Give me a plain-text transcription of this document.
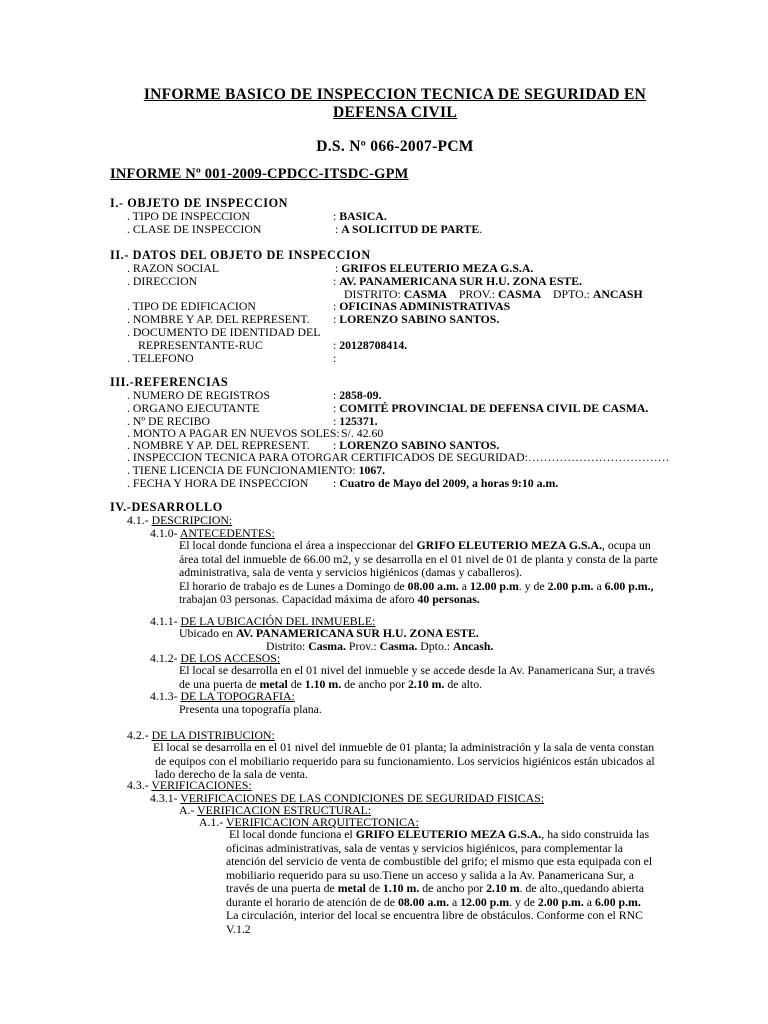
INFORME BASICO DE INSPECCION TECNICA DE SEGURIDAD EN
DEFENSA CIVIL
D.S. Nº 066-2007-PCM
INFORME Nº 001-2009-CPDCC-ITSDC-GPM
I.- OBJETO DE INSPECCION
. TIPO DE INSPECCION	: BASICA.
. CLASE DE INSPECCION	: A SOLICITUD DE PARTE.
II.- DATOS DEL OBJETO DE INSPECCION
. RAZON SOCIAL	: GRIFOS ELEUTERIO MEZA G.S.A.
. DIRECCION	: AV. PANAMERICANA SUR H.U. ZONA ESTE.
DISTRITO: CASMA PROV.: CASMA DPTO.: ANCASH
. TIPO DE EDIFICACION	: OFICINAS ADMINISTRATIVAS
. NOMBRE Y AP. DEL REPRESENT. : LORENZO SABINO SANTOS.
. DOCUMENTO DE IDENTIDAD DEL
REPRESENTANTE-RUC	: 20128708414.
. TELEFONO	:
III.-REFERENCIAS
. NUMERO DE REGISTROS	: 2858-09.
. ORGANO EJECUTANTE	: COMITÉ PROVINCIAL DE DEFENSA CIVIL DE CASMA.
. Nº DE RECIBO	: 125371.
. MONTO A PAGAR EN NUEVOS SOLES: S/. 42.60
. NOMBRE Y AP. DEL REPRESENT. : LORENZO SABINO SANTOS.
. INSPECCION TECNICA PARA OTORGAR CERTIFICADOS DE SEGURIDAD:………………………………
. TIENE LICENCIA DE FUNCIONAMIENTO: 1067.
. FECHA Y HORA DE INSPECCION : Cuatro de Mayo del 2009, a horas 9:10 a.m.
IV.-DESARROLLO
4.1.- DESCRIPCION:
4.1.0- ANTECEDENTES:
El local donde funciona el área a inspeccionar del GRIFO ELEUTERIO MEZA G.S.A., ocupa un
área total del inmueble de 66.00 m2, y se desarrolla en el 01 nivel de 01 de planta y consta de la parte
administrativa, sala de venta y servicios higiénicos (damas y caballeros).
El horario de trabajo es de Lunes a Domingo de 08.00 a.m. a 12.00 p.m. y de 2.00 p.m. a 6.00 p.m.,
trabajan 03 personas. Capacidad máxima de aforo 40 personas.
4.1.1- DE LA UBICACIÓN DEL INMUEBLE:
Ubicado en AV. PANAMERICANA SUR H.U. ZONA ESTE.
Distrito: Casma. Prov.: Casma. Dpto.: Ancash.
4.1.2- DE LOS ACCESOS:
El local se desarrolla en el 01 nivel del inmueble y se accede desde la Av. Panamericana Sur, a través
de una puerta de metal de 1.10 m. de ancho por 2.10 m. de alto.
4.1.3- DE LA TOPOGRAFIA:
Presenta una topografía plana.
4.2.- DE LA DISTRIBUCION:
El local se desarrolla en el 01 nivel del inmueble de 01 planta; la administración y la sala de venta constan
de equipos con el mobiliario requerido para su funcionamiento. Los servicios higiénicos están ubicados al
lado derecho de la sala de venta.
4.3.- VERIFICACIONES:
4.3.1- VERIFICACIONES DE LAS CONDICIONES DE SEGURIDAD FISICAS:
A.- VERIFICACION ESTRUCTURAL:
A.1.- VERIFICACION ARQUITECTONICA:
El local donde funciona el GRIFO ELEUTERIO MEZA G.S.A., ha sido construida las
oficinas administrativas, sala de ventas y servicios higiénicos, para complementar la
atención del servicio de venta de combustible del grifo; el mismo que esta equipada con el
mobiliario requerido para su uso.Tiene un acceso y salida a la Av. Panamericana Sur, a
través de una puerta de metal de 1.10 m. de ancho por 2.10 m. de alto.,quedando abierta
durante el horario de atención de de 08.00 a.m. a 12.00 p.m. y de 2.00 p.m. a 6.00 p.m.
La circulación, interior del local se encuentra libre de obstáculos. Conforme con el RNC
V.1.2
